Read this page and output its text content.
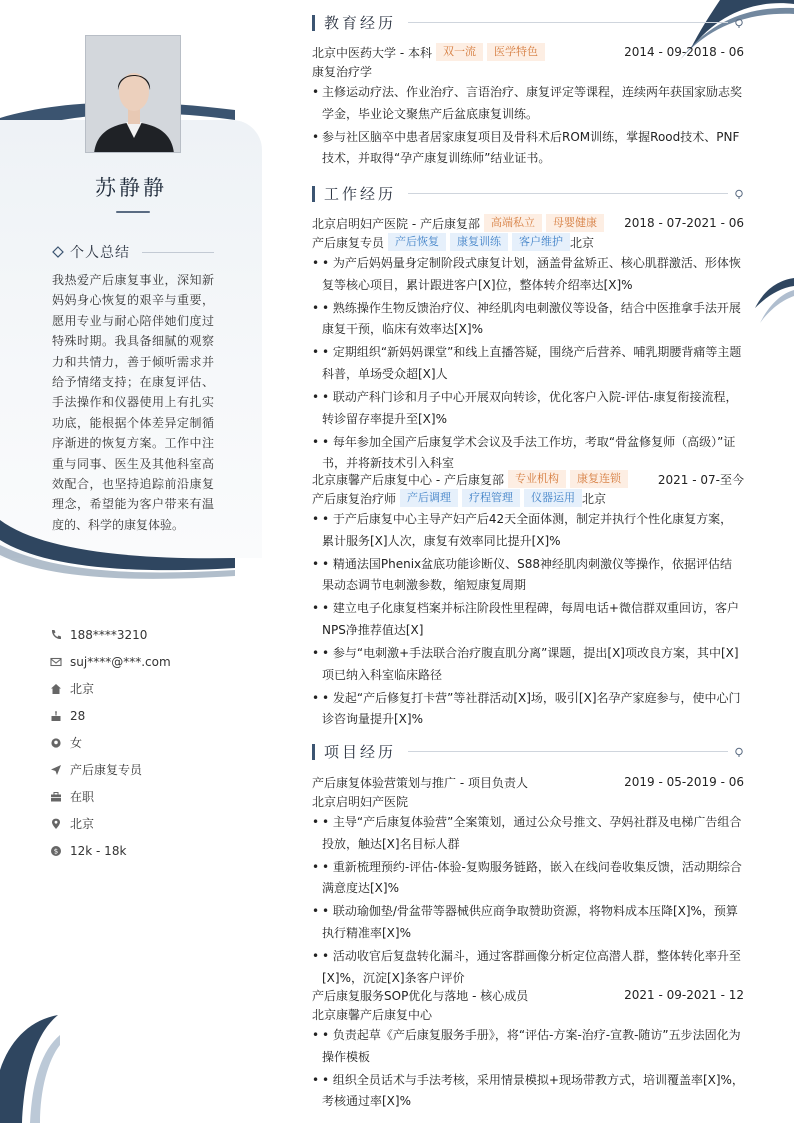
苏静静
个人总结
我热爱产后康复事业，深知新妈妈身心恢复的艰辛与重要，愿用专业与耐心陪伴她们度过特殊时期。我具备细腻的观察力和共情力，善于倾听需求并给予情绪支持；在康复评估、手法操作和仪器使用上有扎实功底，能根据个体差异定制循序渐进的恢复方案。工作中注重与同事、医生及其他科室高效配合，也坚持追踪前沿康复理念，希望能为客户带来有温度的、科学的康复体验。
188****3210
suj****@***.com
北京
28
女
产后康复专员
在职
北京
$ 12k - 18k
教育经历
北京中医药大学 - 本科	双一流	医学特色	2014 - 09-2018 - 06
康复治疗学
• 主修运动疗法、作业治疗、言语治疗、康复评定等课程，连续两年获国家励志奖学金，毕业论文聚焦产后盆底康复训练。
• 参与社区脑卒中患者居家康复项目及骨科术后ROM训练，掌握Rood技术、PNF技术，并取得“孕产康复训练师”结业证书。
工作经历
北京启明妇产医院 - 产后康复部	高端私立	母婴健康	2018 - 07-2021 - 06
产后康复专员	产后恢复	康复训练	客户维护 北京
• • 为产后妈妈量身定制阶段式康复计划，涵盖骨盆矫正、核心肌群激活、形体恢复等核心项目，累计跟进客户[X]位，整体转介绍率达[X]%
• • 熟练操作生物反馈治疗仪、神经肌肉电刺激仪等设备，结合中医推拿手法开展康复干预，临床有效率达[X]%
• • 定期组织“新妈妈课堂”和线上直播答疑，围绕产后营养、哺乳期腰背痛等主题科普，单场受众超[X]人
• • 联动产科门诊和月子中心开展双向转诊，优化客户入院-评估-康复衔接流程，转诊留存率提升至[X]%
• • 每年参加全国产后康复学术会议及手法工作坊，考取“骨盆修复师（高级）”证书，并将新技术引入科室
北京康馨产后康复中心 - 产后康复部	专业机构	康复连锁	2021 - 07-至今
产后康复治疗师	产后调理	疗程管理	仪器运用 北京
• • 于产后康复中心主导产妇产后42天全面体测，制定并执行个性化康复方案，累计服务[X]人次，康复有效率同比提升[X]%
• • 精通法国Phenix盆底功能诊断仪、S88神经肌肉刺激仪等操作，依据评估结果动态调节电刺激参数，缩短康复周期
• • 建立电子化康复档案并标注阶段性里程碑，每周电话+微信群双重回访，客户NPS净推荐值达[X]
• • 参与“电刺激+手法联合治疗腹直肌分离”课题，提出[X]项改良方案，其中[X]项已纳入科室临床路径
• • 发起“产后修复打卡营”等社群活动[X]场，吸引[X]名孕产家庭参与，使中心门诊咨询量提升[X]%
项目经历
产后康复体验营策划与推广 - 项目负责人	2019 - 05-2019 - 06
北京启明妇产医院
• • 主导“产后康复体验营”全案策划，通过公众号推文、孕妈社群及电梯广告组合投放，触达[X]名目标人群
• • 重新梳理预约-评估-体验-复购服务链路，嵌入在线问卷收集反馈，活动期综合满意度达[X]%
• • 联动瑜伽垫/骨盆带等器械供应商争取赞助资源，将物料成本压降[X]%，预算执行精准率[X]%
• • 活动收官后复盘转化漏斗，通过客群画像分析定位高潜人群，整体转化率升至[X]%，沉淀[X]条客户评价
产后康复服务SOP优化与落地 - 核心成员	2021 - 09-2021 - 12
北京康馨产后康复中心
• • 负责起草《产后康复服务手册》，将“评估-方案-治疗-宣教-随访”五步法固化为操作模板
• • 组织全员话术与手法考核，采用情景模拟+现场带教方式，培训覆盖率[X]%，考核通过率[X]%
